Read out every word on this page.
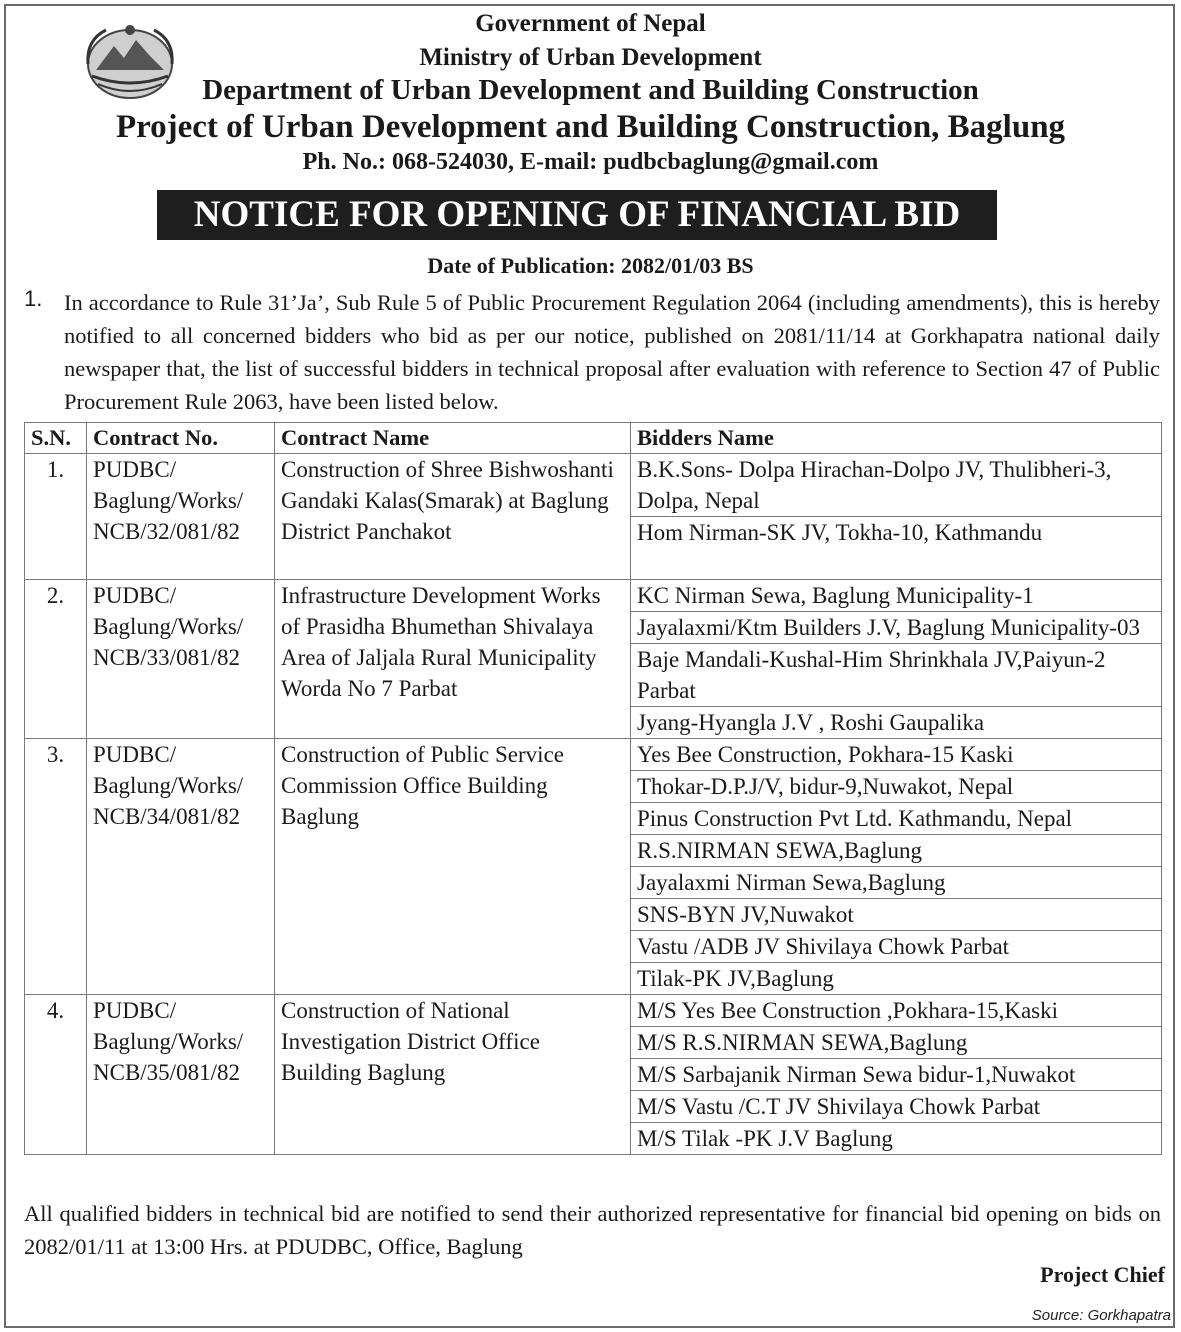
Government of Nepal
Ministry of Urban Development
Department of Urban Development and Building Construction
Project of Urban Development and Building Construction, Baglung
Ph. No.: 068-524030, E-mail: pudbcbaglung@gmail.com
NOTICE FOR OPENING OF FINANCIAL BID
Date of Publication: 2082/01/03 BS
1. In accordance to Rule 31’Ja’, Sub Rule 5 of Public Procurement Regulation 2064 (including amendments), this is hereby notified to all concerned bidders who bid as per our notice, published on 2081/11/14 at Gorkhapatra national daily newspaper that, the list of successful bidders in technical proposal after evaluation with reference to Section 47 of Public Procurement Rule 2063, have been listed below.
S.N.	Contract No.	Contract Name	Bidders Name
1.	PUDBC/ Baglung/Works/ NCB/32/081/82	Construction of Shree Bishwoshanti Gandaki Kalas(Smarak) at Baglung District Panchakot	B.K.Sons- Dolpa Hirachan-Dolpo JV, Thulibheri-3, Dolpa, Nepal
			Hom Nirman-SK JV, Tokha-10, Kathmandu
2.	PUDBC/ Baglung/Works/ NCB/33/081/82	Infrastructure Development Works of Prasidha Bhumethan Shivalaya Area of Jaljala Rural Municipality Worda No 7 Parbat	KC Nirman Sewa, Baglung Municipality-1
			Jayalaxmi/Ktm Builders J.V, Baglung Municipality-03
			Baje Mandali-Kushal-Him Shrinkhala JV,Paiyun-2 Parbat
			Jyang-Hyangla J.V , Roshi Gaupalika
3.	PUDBC/ Baglung/Works/ NCB/34/081/82	Construction of Public Service Commission Office Building Baglung	Yes Bee Construction, Pokhara-15 Kaski
			Thokar-D.P.J/V, bidur-9,Nuwakot, Nepal
			Pinus Construction Pvt Ltd. Kathmandu, Nepal
			R.S.NIRMAN SEWA,Baglung
			Jayalaxmi Nirman Sewa,Baglung
			SNS-BYN JV,Nuwakot
			Vastu /ADB JV Shivilaya Chowk Parbat
			Tilak-PK JV,Baglung
4.	PUDBC/ Baglung/Works/ NCB/35/081/82	Construction of National Investigation District Office Building Baglung	M/S Yes Bee Construction ,Pokhara-15,Kaski
			M/S R.S.NIRMAN SEWA,Baglung
			M/S Sarbajanik Nirman Sewa bidur-1,Nuwakot
			M/S Vastu /C.T JV Shivilaya Chowk Parbat
			M/S Tilak -PK J.V Baglung
All qualified bidders in technical bid are notified to send their authorized representative for financial bid opening on bids on 2082/01/11 at 13:00 Hrs. at PDUDBC, Office, Baglung
Project Chief
Source: Gorkhapatra
